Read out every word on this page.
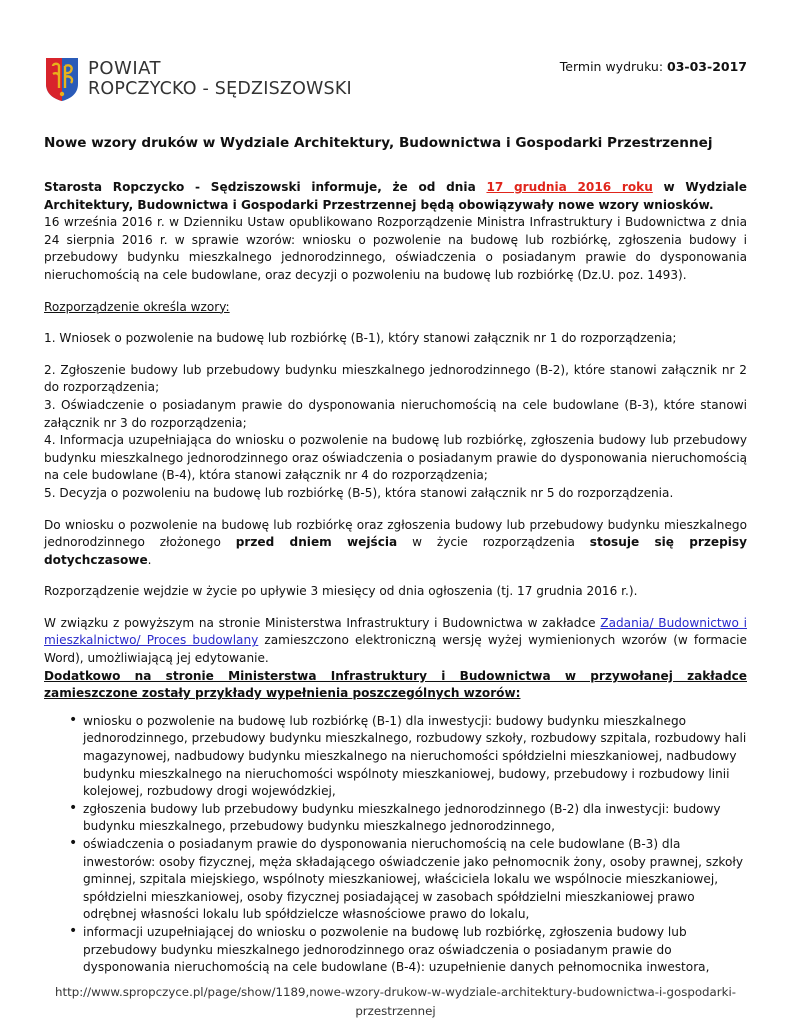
POWIAT
ROPCZYCKO - SĘDZISZOWSKI
Termin wydruku: 03-03-2017
Nowe wzory druków w Wydziale Architektury, Budownictwa i Gospodarki Przestrzennej

Starosta Ropczycko - Sędziszowski informuje, że od dnia 17 grudnia 2016 roku w Wydziale Architektury, Budownictwa i Gospodarki Przestrzennej będą obowiązywały nowe wzory wniosków.
16 września 2016 r. w Dzienniku Ustaw opublikowano Rozporządzenie Ministra Infrastruktury i Budownictwa z dnia 24 sierpnia 2016 r. w sprawie wzorów: wniosku o pozwolenie na budowę lub rozbiórkę, zgłoszenia budowy i przebudowy budynku mieszkalnego jednorodzinnego, oświadczenia o posiadanym prawie do dysponowania nieruchomością na cele budowlane, oraz decyzji o pozwoleniu na budowę lub rozbiórkę (Dz.U. poz. 1493).

Rozporządzenie określa wzory:

1. Wniosek o pozwolenie na budowę lub rozbiórkę (B-1), który stanowi załącznik nr 1 do rozporządzenia;

2. Zgłoszenie budowy lub przebudowy budynku mieszkalnego jednorodzinnego (B-2), które stanowi załącznik nr 2 do rozporządzenia;

3. Oświadczenie o posiadanym prawie do dysponowania nieruchomością na cele budowlane (B-3), które stanowi załącznik nr 3 do rozporządzenia;

4. Informacja uzupełniająca do wniosku o pozwolenie na budowę lub rozbiórkę, zgłoszenia budowy lub przebudowy budynku mieszkalnego jednorodzinnego oraz oświadczenia o posiadanym prawie do dysponowania nieruchomością na cele budowlane (B-4), która stanowi załącznik nr 4 do rozporządzenia;

5. Decyzja o pozwoleniu na budowę lub rozbiórkę (B-5), która stanowi załącznik nr 5 do rozporządzenia.

Do wniosku o pozwolenie na budowę lub rozbiórkę oraz zgłoszenia budowy lub przebudowy budynku mieszkalnego jednorodzinnego złożonego przed dniem wejścia w życie rozporządzenia stosuje się przepisy dotychczasowe.

Rozporządzenie wejdzie w życie po upływie 3 miesięcy od dnia ogłoszenia (tj. 17 grudnia 2016 r.).

W związku z powyższym na stronie Ministerstwa Infrastruktury i Budownictwa w zakładce Zadania/ Budownictwo i mieszkalnictwo/ Proces budowlany zamieszczono elektroniczną wersję wyżej wymienionych wzorów (w formacie Word), umożliwiającą jej edytowanie.

Dodatkowo na stronie Ministerstwa Infrastruktury i Budownictwa w przywołanej zakładce zamieszczone zostały przykłady wypełnienia poszczególnych wzorów:

• wniosku o pozwolenie na budowę lub rozbiórkę (B-1) dla inwestycji: budowy budynku mieszkalnego jednorodzinnego, przebudowy budynku mieszkalnego, rozbudowy szkoły, rozbudowy szpitala, rozbudowy hali magazynowej, nadbudowy budynku mieszkalnego na nieruchomości spółdzielni mieszkaniowej, nadbudowy budynku mieszkalnego na nieruchomości wspólnoty mieszkaniowej, budowy, przebudowy i rozbudowy linii kolejowej, rozbudowy drogi wojewódzkiej,
• zgłoszenia budowy lub przebudowy budynku mieszkalnego jednorodzinnego (B-2) dla inwestycji: budowy budynku mieszkalnego, przebudowy budynku mieszkalnego jednorodzinnego,
• oświadczenia o posiadanym prawie do dysponowania nieruchomością na cele budowlane (B-3) dla inwestorów: osoby fizycznej, męża składającego oświadczenie jako pełnomocnik żony, osoby prawnej, szkoły gminnej, szpitala miejskiego, wspólnoty mieszkaniowej, właściciela lokalu we wspólnocie mieszkaniowej, spółdzielni mieszkaniowej, osoby fizycznej posiadającej w zasobach spółdzielni mieszkaniowej prawo odrębnej własności lokalu lub spółdzielcze własnościowe prawo do lokalu,
• informacji uzupełniającej do wniosku o pozwolenie na budowę lub rozbiórkę, zgłoszenia budowy lub przebudowy budynku mieszkalnego jednorodzinnego oraz oświadczenia o posiadanym prawie do dysponowania nieruchomością na cele budowlane (B-4): uzupełnienie danych pełnomocnika inwestora,
http://www.spropczyce.pl/page/show/1189,nowe-wzory-drukow-w-wydziale-architektury-budownictwa-i-gospodarki-
przestrzennej
